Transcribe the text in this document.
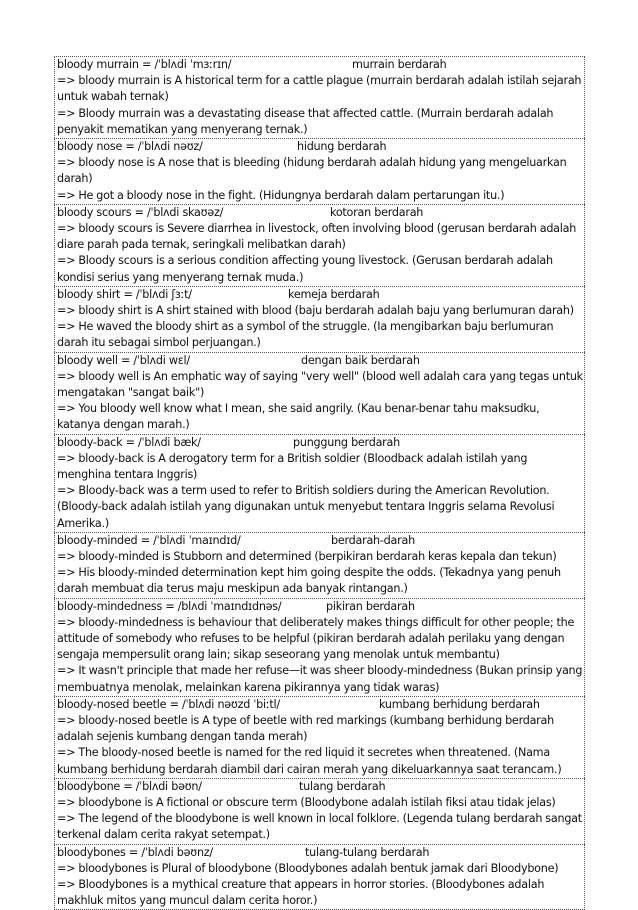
bloody murrain = /ˈblʌdi ˈmɜːrɪn/	murrain berdarah
=> bloody murrain is A historical term for a cattle plague (murrain berdarah adalah istilah sejarah untuk wabah ternak)
=> Bloody murrain was a devastating disease that affected cattle. (Murrain berdarah adalah penyakit mematikan yang menyerang ternak.)
bloody nose = /ˈblʌdi nəʊz/	hidung berdarah
=> bloody nose is A nose that is bleeding (hidung berdarah adalah hidung yang mengeluarkan darah)
=> He got a bloody nose in the fight. (Hidungnya berdarah dalam pertarungan itu.)
bloody scours = /ˈblʌdi skaʊəz/	kotoran berdarah
=> bloody scours is Severe diarrhea in livestock, often involving blood (gerusan berdarah adalah diare parah pada ternak, seringkali melibatkan darah)
=> Bloody scours is a serious condition affecting young livestock. (Gerusan berdarah adalah kondisi serius yang menyerang ternak muda.)
bloody shirt = /ˈblʌdi ʃɜːt/	kemeja berdarah
=> bloody shirt is A shirt stained with blood (baju berdarah adalah baju yang berlumuran darah)
=> He waved the bloody shirt as a symbol of the struggle. (Ia mengibarkan baju berlumuran darah itu sebagai simbol perjuangan.)
bloody well = /ˈblʌdi wɛl/	dengan baik berdarah
=> bloody well is An emphatic way of saying "very well" (blood well adalah cara yang tegas untuk mengatakan "sangat baik")
=> You bloody well know what I mean, she said angrily. (Kau benar-benar tahu maksudku, katanya dengan marah.)
bloody-back = /ˈblʌdi bæk/	punggung berdarah
=> bloody-back is A derogatory term for a British soldier (Bloodback adalah istilah yang menghina tentara Inggris)
=> Bloody-back was a term used to refer to British soldiers during the American Revolution. (Bloody-back adalah istilah yang digunakan untuk menyebut tentara Inggris selama Revolusi Amerika.)
bloody-minded = /ˈblʌdi ˈmaɪndɪd/	berdarah-darah
=> bloody-minded is Stubborn and determined (berpikiran berdarah keras kepala dan tekun)
=> His bloody-minded determination kept him going despite the odds. (Tekadnya yang penuh darah membuat dia terus maju meskipun ada banyak rintangan.)
bloody-mindedness = /blʌdi ˈmaɪndɪdnəs/	pikiran berdarah
=> bloody-mindedness is behaviour that deliberately makes things difficult for other people; the attitude of somebody who refuses to be helpful (pikiran berdarah adalah perilaku yang dengan sengaja mempersulit orang lain; sikap seseorang yang menolak untuk membantu)
=> It wasn't principle that made her refuse—it was sheer bloody-mindedness (Bukan prinsip yang membuatnya menolak, melainkan karena pikirannya yang tidak waras)
bloody-nosed beetle = /ˈblʌdi nəʊzd ˈbiːtl/	kumbang berhidung berdarah
=> bloody-nosed beetle is A type of beetle with red markings (kumbang berhidung berdarah adalah sejenis kumbang dengan tanda merah)
=> The bloody-nosed beetle is named for the red liquid it secretes when threatened. (Nama kumbang berhidung berdarah diambil dari cairan merah yang dikeluarkannya saat terancam.)
bloodybone = /ˈblʌdi bəʊn/	tulang berdarah
=> bloodybone is A fictional or obscure term (Bloodybone adalah istilah fiksi atau tidak jelas)
=> The legend of the bloodybone is well known in local folklore. (Legenda tulang berdarah sangat terkenal dalam cerita rakyat setempat.)
bloodybones = /ˈblʌdi bəʊnz/	tulang-tulang berdarah
=> bloodybones is Plural of bloodybone (Bloodybones adalah bentuk jamak dari Bloodybone)
=> Bloodybones is a mythical creature that appears in horror stories. (Bloodybones adalah makhluk mitos yang muncul dalam cerita horor.)
